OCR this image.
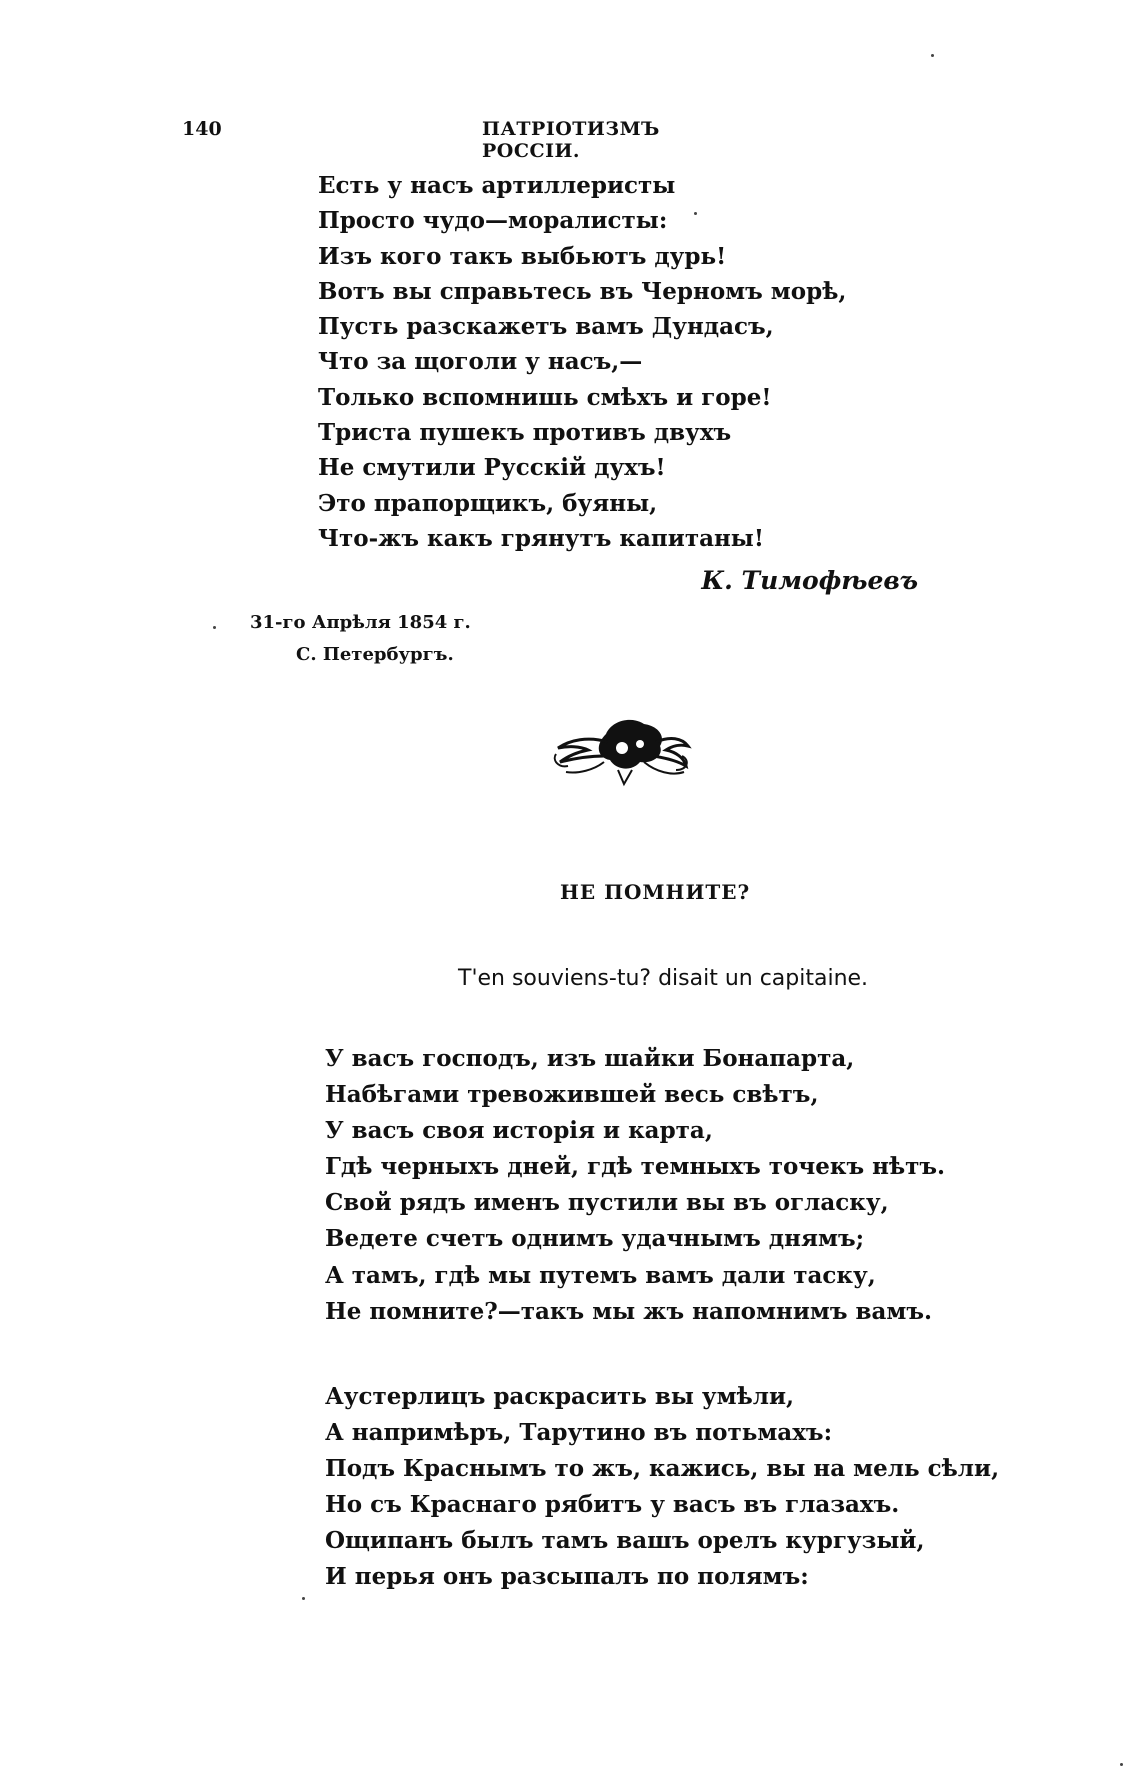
140	ПАТРІОТИЗМЪ РОССІИ.
Есть у насъ артиллеристы
Просто чудо—моралисты:
Изъ кого такъ выбьютъ дурь!
Вотъ вы справьтесь въ Черномъ морѣ,
Пусть разскажетъ вамъ Дундасъ,
Что за щоголи у насъ,—
Только вспомнишь смѣхъ и горе!
Триста пушекъ противъ двухъ
Не смутили Русскій духъ!
Это прапорщикъ, буяны,
Что-жъ какъ грянутъ капитаны!
К. Тимофѣевъ
31-го Апрѣля 1854 г.
С. Петербургъ.
НЕ ПОМНИТЕ?
T'en souviens-tu? disait un capitaine.
У васъ господъ, изъ шайки Бонапарта,
Набѣгами тревожившей весь свѣтъ,
У васъ своя исторія и карта,
Гдѣ черныхъ дней, гдѣ темныхъ точекъ нѣтъ.
Свой рядъ именъ пустили вы въ огласку,
Ведете счетъ однимъ удачнымъ днямъ;
А тамъ, гдѣ мы путемъ вамъ дали таску,
Не помните?—такъ мы жъ напомнимъ вамъ.
Аустерлицъ раскрасить вы умѣли,
А напримѣръ, Тарутино въ потьмахъ:
Подъ Краснымъ то жъ, кажись, вы на мель сѣли,
Но съ Краснаго рябитъ у васъ въ глазахъ.
Ощипанъ былъ тамъ вашъ орелъ кургузый,
И перья онъ разсыпалъ по полямъ:
